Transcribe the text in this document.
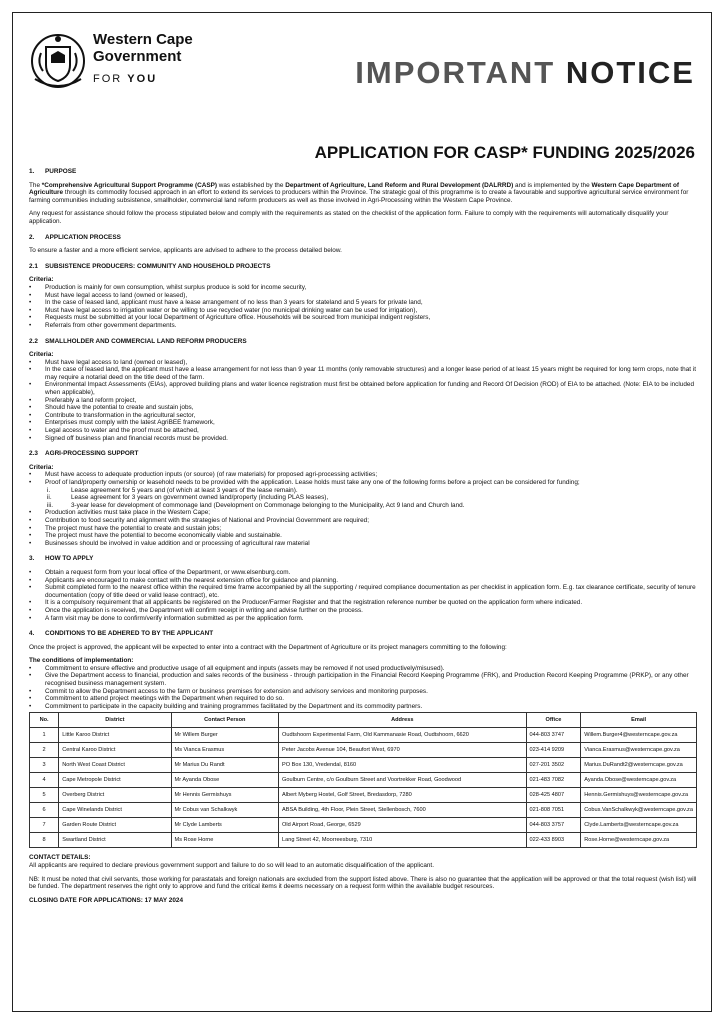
Western Cape
Government
FOR YOU	IMPORTANT NOTICE
APPLICATION FOR CASP* FUNDING 2025/2026
1.      PURPOSE
The *Comprehensive Agricultural Support Programme (CASP) was established by the Department of Agriculture, Land Reform and Rural Development (DALRRD) and is implemented by the Western Cape Department of Agriculture through its commodity focused approach in an effort to extend its services to producers within the Province. The strategic goal of this programme is to create a favourable and supportive agricultural service environment for farming communities including subsistence, smallholder, commercial land reform producers as well as those involved in Agri-Processing within the Western Cape Province.
Any request for assistance should follow the process stipulated below and comply with the requirements as stated on the checklist of the application form. Failure to comply with the requirements will automatically disqualify your application.
2.      APPLICATION PROCESS
To ensure a faster and a more efficient service, applicants are advised to adhere to the process detailed below.
2.1    SUBSISTENCE PRODUCERS: COMMUNITY AND HOUSEHOLD PROJECTS
Criteria:
• Production is mainly for own consumption, whilst surplus produce is sold for income security,
• Must have legal access to land (owned or leased),
• In the case of leased land, applicant must have a lease arrangement of no less than 3 years for stateland and 5 years for private land,
• Must have legal access to irrigation water or be willing to use recycled water (no municipal drinking water can be used for irrigation),
• Requests must be submitted at your local Department of Agriculture office. Households will be sourced from municipal indigent registers,
• Referrals from other government departments.
2.2    SMALLHOLDER AND COMMERCIAL LAND REFORM PRODUCERS
Criteria:
• Must have legal access to land (owned or leased),
• In the case of leased land, the applicant must have a lease arrangement for not less than 9 year 11 months (only removable structures) and a longer lease period of at least 15 years might be required for long term crops, note that it may require a notarial deed on the title deed of the farm.
• Environmental Impact Assessments (EIAs), approved building plans and water licence registration must first be obtained before application for funding and Record Of Decision (ROD) of EIA to be attached. (Note: EIA to be included when applicable),
• Preferably a land reform project,
• Should have the potential to create and sustain jobs,
• Contribute to transformation in the agricultural sector,
• Enterprises must comply with the latest AgriBEE framework,
• Legal access to water and the proof must be attached,
• Signed off business plan and financial records must be provided.
2.3    AGRI-PROCESSING SUPPORT
Criteria:
• Must have access to adequate production inputs (or source) (of raw materials) for proposed agri-processing activities;
• Proof of land/property ownership or leasehold needs to be provided with the application. Lease holds must take any one of the following forms before a project can be considered for funding;
i. Lease agreement for 5 years and (of which at least 3 years of the lease remain).
ii. Lease agreement for 3 years on government owned land/property (including PLAS leases),
iii. 3-year lease for development of commonage land (Development on Commonage belonging to the Municipality, Act 9 land and Church land.
• Production activities must take place in the Western Cape;
• Contribution to food security and alignment with the strategies of National and Provincial Government are required;
• The project must have the potential to create and sustain jobs;
• The project must have the potential to become economically viable and sustainable.
• Businesses should be involved in value addition and or processing of agricultural raw material
3.      HOW TO APPLY
• Obtain a request form from your local office of the Department, or www.elsenburg.com.
• Applicants are encouraged to make contact with the nearest extension office for guidance and planning.
• Submit completed form to the nearest office within the required time frame accompanied by all the supporting / required compliance documentation as per checklist in application form. E.g. tax clearance certificate, security of tenure documentation (copy of title deed or valid lease contract), etc.
• It is a compulsory requirement that all applicants be registered on the Producer/Farmer Register and that the registration reference number be quoted on the application form where indicated.
• Once the application is received, the Department will confirm receipt in writing and advise further on the process.
• A farm visit may be done to confirm/verify information submitted as per the application form.
4.      CONDITIONS TO BE ADHERED TO BY THE APPLICANT
Once the project is approved, the applicant will be expected to enter into a contract with the Department of Agriculture or its project managers committing to the following:
The conditions of implementation:
• Commitment to ensure effective and productive usage of all equipment and inputs (assets may be removed if not used productively/misused).
• Give the Department access to financial, production and sales records of the business - through participation in the Financial Record Keeping Programme (FRK), and Production Record Keeping Programme (PRKP), or any other recognised business management system.
• Commit to allow the Department access to the farm or business premises for extension and advisory services and monitoring purposes.
• Commitment to attend project meetings with the Department when required to do so.
• Commitment to participate in the capacity building and training programmes facilitated by the Department and its commodity partners.
No.	District	Contact Person	Address	Office	Email
1	Little Karoo District	Mr Willem Burger	Oudtshoorn Experimental Farm, Old Kammanasie Road, Oudtshoorn, 6620	044-803 3747	Willem.Burger4@westerncape.gov.za
2	Central Karoo District	Ms Vianca Erasmus	Peter Jacobs Avenue 104, Beaufort West, 6970	023-414 9209	Vianca.Erasmus@westerncape.gov.za
3	North West Coast District	Mr Marius Du Randt	PO Box 130, Vredendal, 8160	027-201 3502	Marius.DuRandt2@westerncape.gov.za
4	Cape Metropole District	Mr Ayanda Obose	Goulburn Centre, c/o Goulburn Street and Voortrekker Road, Goodwood	021-483 7082	Ayanda.Obose@westerncape.gov.za
5	Overberg District	Mr Hennis Germishuys	Albert Myberg Hostel, Golf Street, Bredasdorp, 7280	028-425 4807	Hennis.Germishuys@westerncape.gov.za
6	Cape Winelands District	Mr Cobus van Schalkwyk	ABSA Building, 4th Floor, Plein Street, Stellenbosch, 7600	021-808 7051	Cobus.VanSchalkwyk@westerncape.gov.za
7	Garden Route District	Mr Clyde Lamberts	Old Airport Road, George, 6529	044-803 3757	Clyde.Lamberts@westerncape.gov.za
8	Swartland District	Ms Rose Horne	Lang Street 42, Moorreesburg, 7310	022-433 8903	Rose.Horne@westerncape.gov.za
CONTACT DETAILS:
All applicants are required to declare previous government support and failure to do so will lead to an automatic disqualification of the applicant.
NB: It must be noted that civil servants, those working for parastatals and foreign nationals are excluded from the support listed above. There is also no guarantee that the application will be approved or that the total request (wish list) will be funded. The department reserves the right only to approve and fund the critical items it deems necessary on a request form within the available budget resources.
CLOSING DATE FOR APPLICATIONS: 17 MAY 2024
